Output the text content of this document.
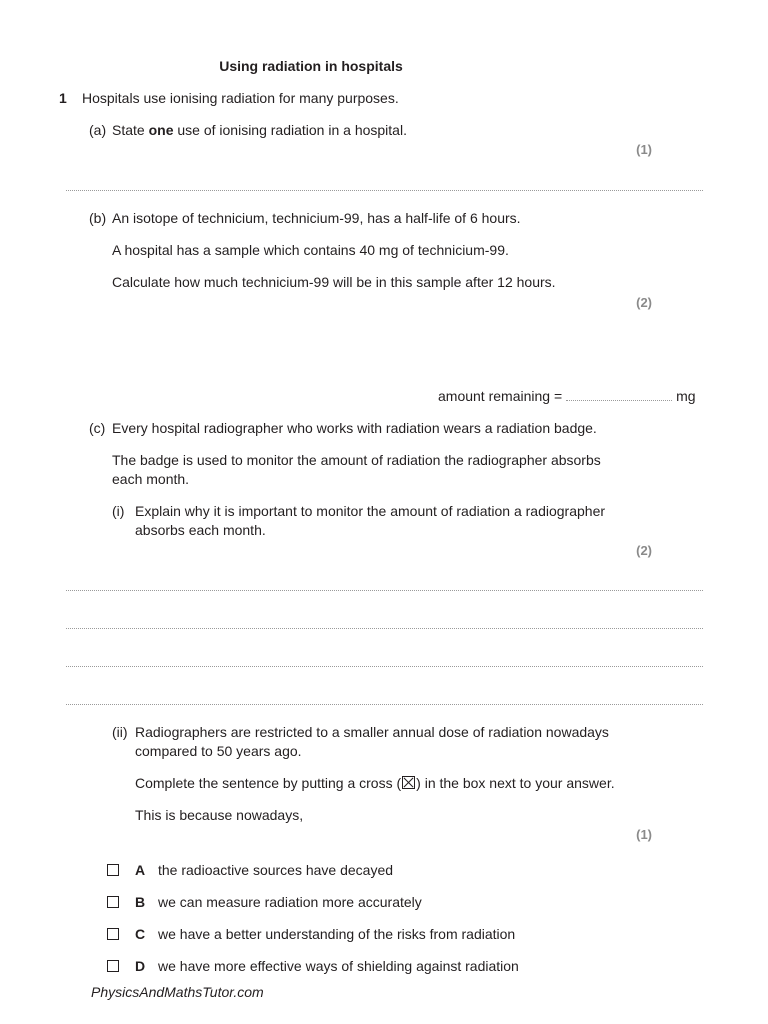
Using radiation in hospitals
1 Hospitals use ionising radiation for many purposes.
(a) State one use of ionising radiation in a hospital.
(1)
(b) An isotope of technicium, technicium-99, has a half-life of 6 hours.
A hospital has a sample which contains 40 mg of technicium-99.
Calculate how much technicium-99 will be in this sample after 12 hours.
(2)
amount remaining =	mg
(c) Every hospital radiographer who works with radiation wears a radiation badge.
The badge is used to monitor the amount of radiation the radiographer absorbs each month.
(i) Explain why it is important to monitor the amount of radiation a radiographer absorbs each month.
(2)
(ii) Radiographers are restricted to a smaller annual dose of radiation nowadays compared to 50 years ago.
Complete the sentence by putting a cross (☒) in the box next to your answer.
This is because nowadays,
(1)
A the radioactive sources have decayed
B we can measure radiation more accurately
C we have a better understanding of the risks from radiation
D we have more effective ways of shielding against radiation
PhysicsAndMathsTutor.com
